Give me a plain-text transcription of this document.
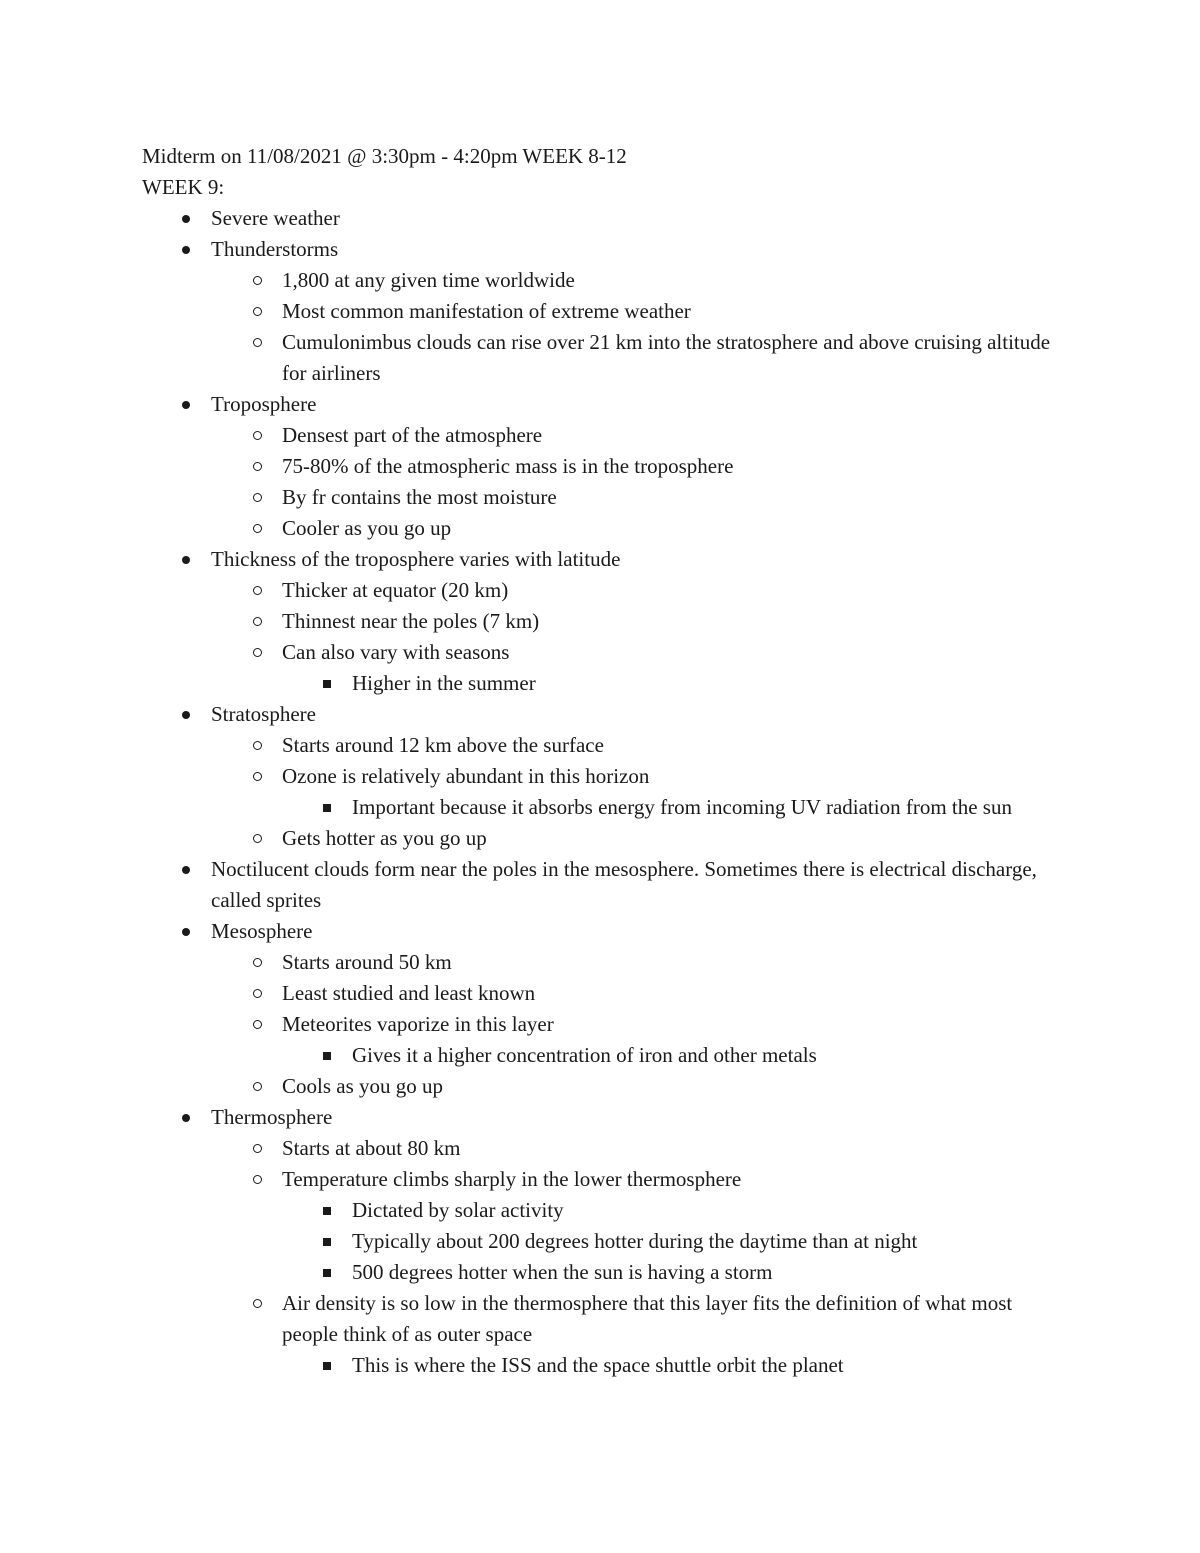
Midterm on 11/08/2021 @ 3:30pm - 4:20pm WEEK 8-12

WEEK 9:

Severe weather
Thunderstorms
1,800 at any given time worldwide
Most common manifestation of extreme weather
Cumulonimbus clouds can rise over 21 km into the stratosphere and above cruising altitude for airliners
Troposphere
Densest part of the atmosphere
75-80% of the atmospheric mass is in the troposphere
By fr contains the most moisture
Cooler as you go up
Thickness of the troposphere varies with latitude
Thicker at equator (20 km)
Thinnest near the poles (7 km)
Can also vary with seasons
Higher in the summer
Stratosphere
Starts around 12 km above the surface
Ozone is relatively abundant in this horizon
Important because it absorbs energy from incoming UV radiation from the sun
Gets hotter as you go up
Noctilucent clouds form near the poles in the mesosphere. Sometimes there is electrical discharge, called sprites
Mesosphere
Starts around 50 km
Least studied and least known
Meteorites vaporize in this layer
Gives it a higher concentration of iron and other metals
Cools as you go up
Thermosphere
Starts at about 80 km
Temperature climbs sharply in the lower thermosphere
Dictated by solar activity
Typically about 200 degrees hotter during the daytime than at night
500 degrees hotter when the sun is having a storm
Air density is so low in the thermosphere that this layer fits the definition of what most people think of as outer space
This is where the ISS and the space shuttle orbit the planet
